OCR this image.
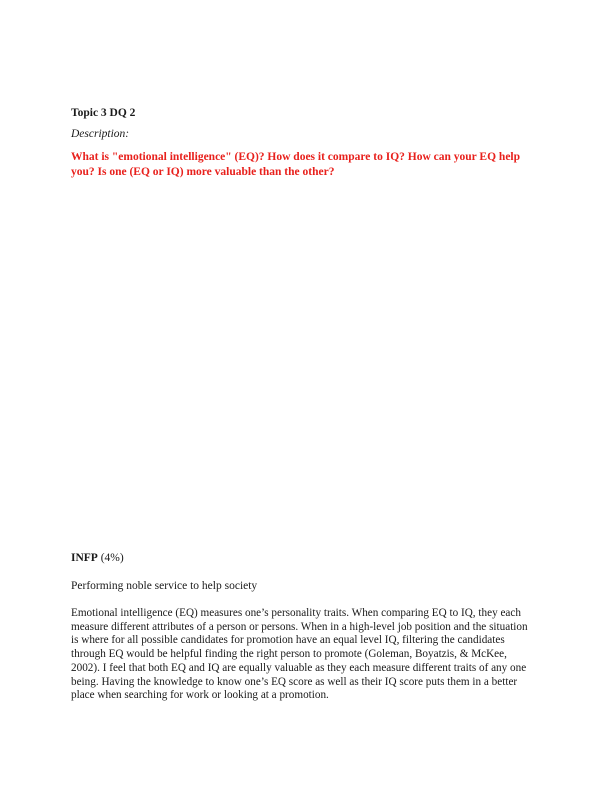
Topic 3 DQ 2

Description:

What is "emotional intelligence" (EQ)? How does it compare to IQ? How can your EQ help you? Is one (EQ or IQ) more valuable than the other?

INFP (4%)

Performing noble service to help society

Emotional intelligence (EQ) measures one’s personality traits. When comparing EQ to IQ, they each measure different attributes of a person or persons. When in a high-level job position and the situation is where for all possible candidates for promotion have an equal level IQ, filtering the candidates through EQ would be helpful finding the right person to promote (Goleman, Boyatzis, & McKee, 2002). I feel that both EQ and IQ are equally valuable as they each measure different traits of any one being. Having the knowledge to know one’s EQ score as well as their IQ score puts them in a better place when searching for work or looking at a promotion.
